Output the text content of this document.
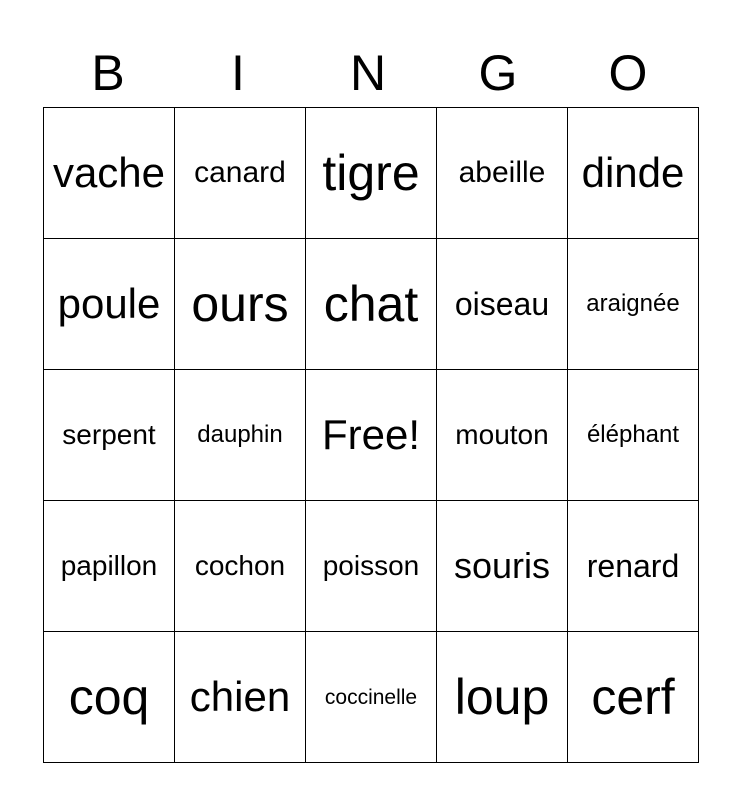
B	I	N	G	O
vache	canard	tigre	abeille	dinde
poule	ours	chat	oiseau	araignée
serpent	dauphin	Free!	mouton	éléphant
papillon	cochon	poisson	souris	renard
coq	chien	coccinelle	loup	cerf
